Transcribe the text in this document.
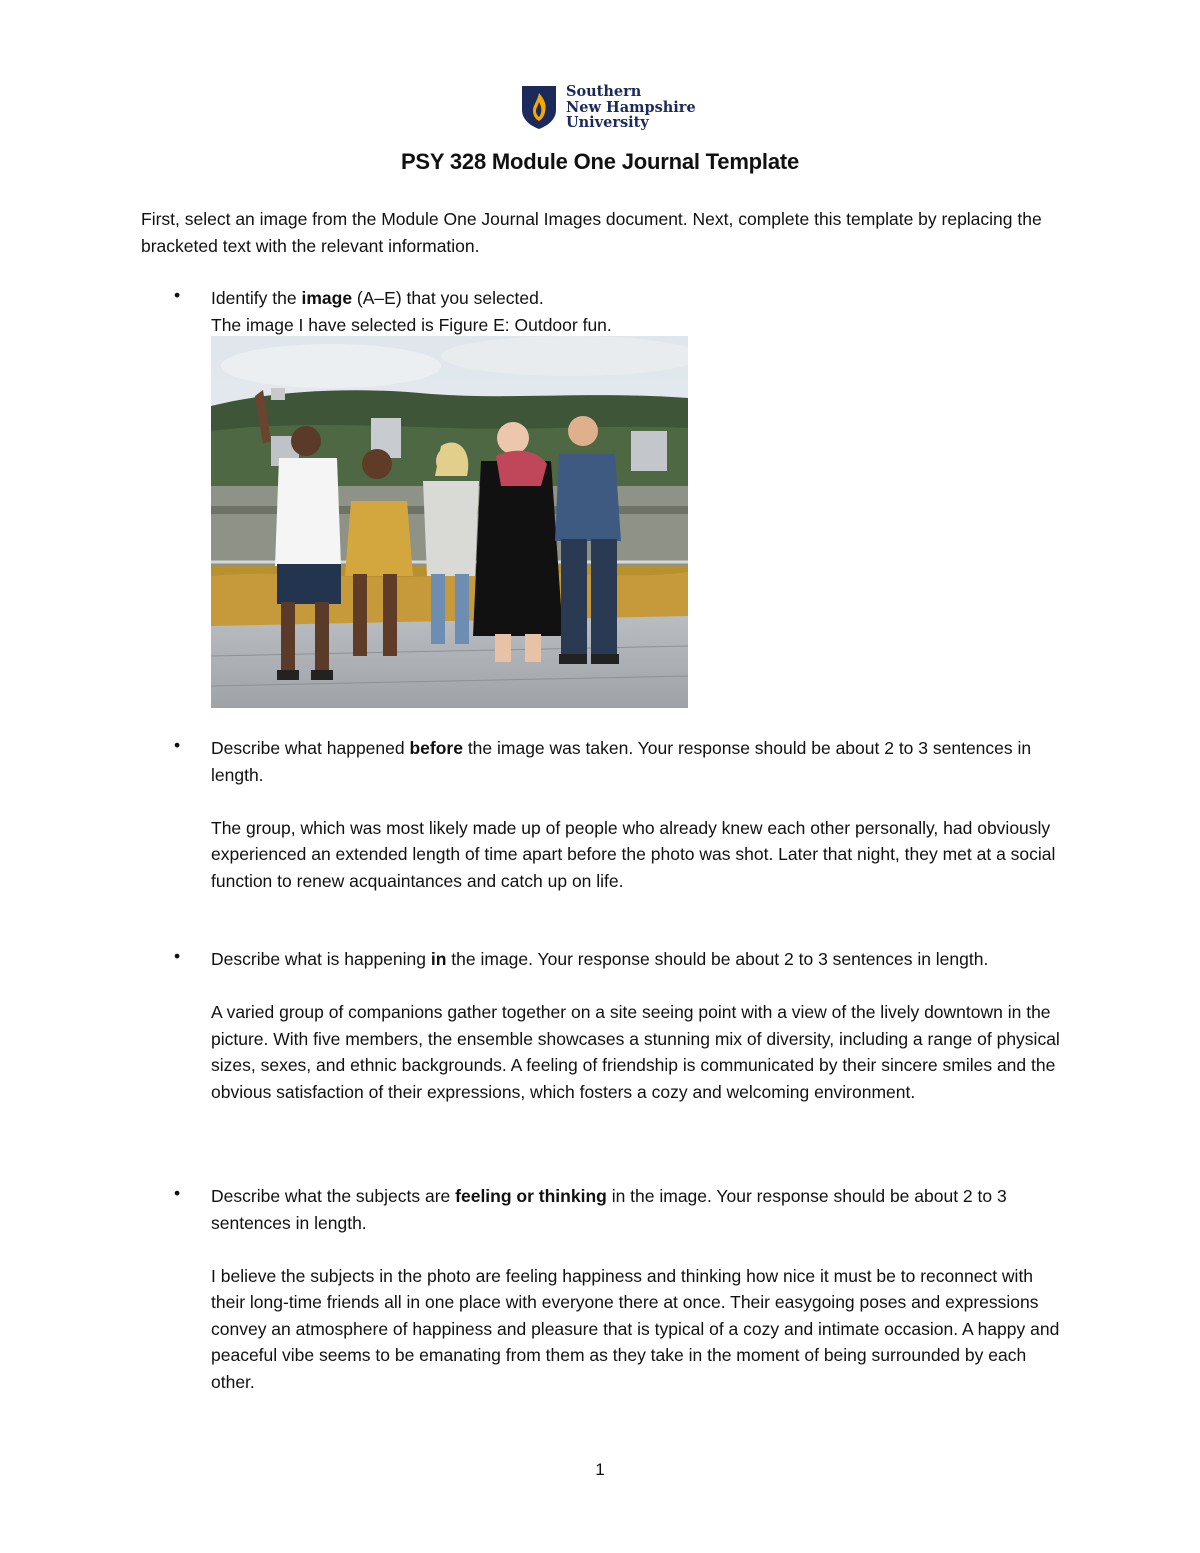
Southern
New Hampshire
University
PSY 328 Module One Journal Template

First, select an image from the Module One Journal Images document. Next, complete this template by replacing the bracketed text with the relevant information.

• Identify the image (A–E) that you selected.

The image I have selected is Figure E: Outdoor fun.

• Describe what happened before the image was taken. Your response should be about 2 to 3 sentences in length.

The group, which was most likely made up of people who already knew each other personally, had obviously experienced an extended length of time apart before the photo was shot. Later that night, they met at a social function to renew acquaintances and catch up on life.

• Describe what is happening in the image. Your response should be about 2 to 3 sentences in length.

A varied group of companions gather together on a site seeing point with a view of the lively downtown in the picture. With five members, the ensemble showcases a stunning mix of diversity, including a range of physical sizes, sexes, and ethnic backgrounds. A feeling of friendship is communicated by their sincere smiles and the obvious satisfaction of their expressions, which fosters a cozy and welcoming environment.

• Describe what the subjects are feeling or thinking in the image. Your response should be about 2 to 3 sentences in length.

I believe the subjects in the photo are feeling happiness and thinking how nice it must be to reconnect with their long-time friends all in one place with everyone there at once. Their easygoing poses and expressions convey an atmosphere of happiness and pleasure that is typical of a cozy and intimate occasion. A happy and peaceful vibe seems to be emanating from them as they take in the moment of being surrounded by each other.

1
